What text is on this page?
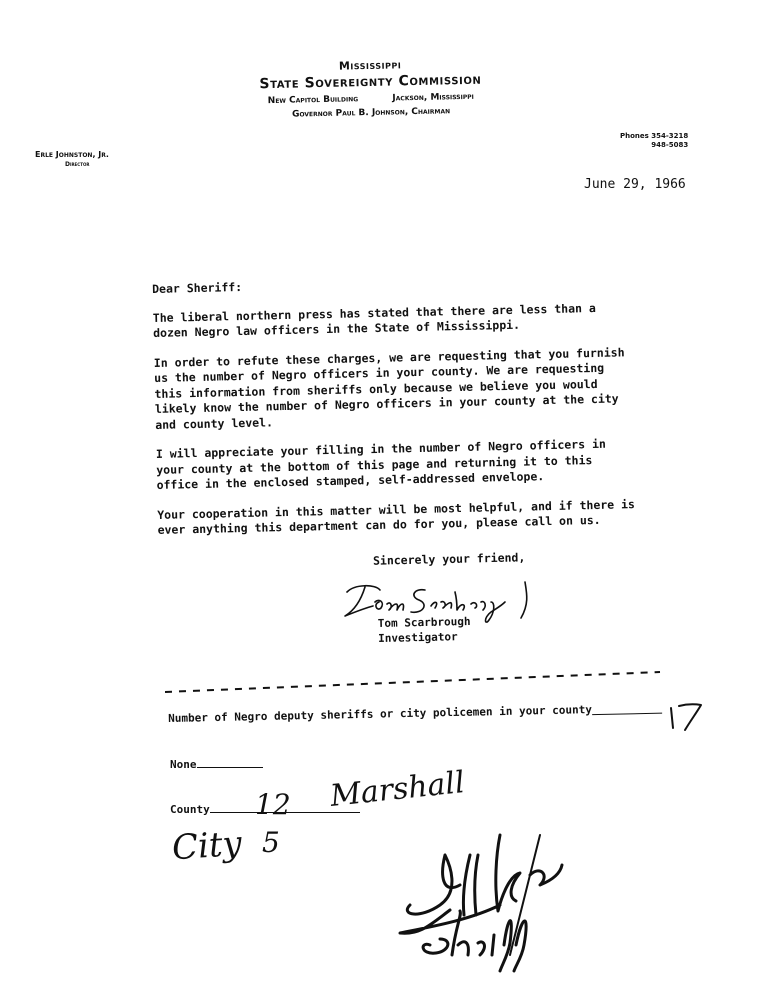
Mississippi
State Sovereignty Commission
New Capitol Building	Jackson, Mississippi
Governor Paul B. Johnson, Chairman
Erle Johnston, Jr.
Director
Phones 354-3218
948-5083
June 29, 1966
Dear Sheriff:

The liberal northern press has stated that there are less than a dozen Negro law officers in the State of Mississippi.

In order to refute these charges, we are requesting that you furnish us the number of Negro officers in your county. We are requesting this information from sheriffs only because we believe you would likely know the number of Negro officers in your county at the city and county level.

I will appreciate your filling in the number of Negro officers in your county at the bottom of this page and returning it to this office in the enclosed stamped, self-addressed envelope.

Your cooperation in this matter will be most helpful, and if there is ever anything this department can do for you, please call on us.

Sincerely your friend,
Tom Scarbrough
Investigator
Number of Negro deputy sheriffs or city policemen in your county
None
County	12 Marshall
City 5
